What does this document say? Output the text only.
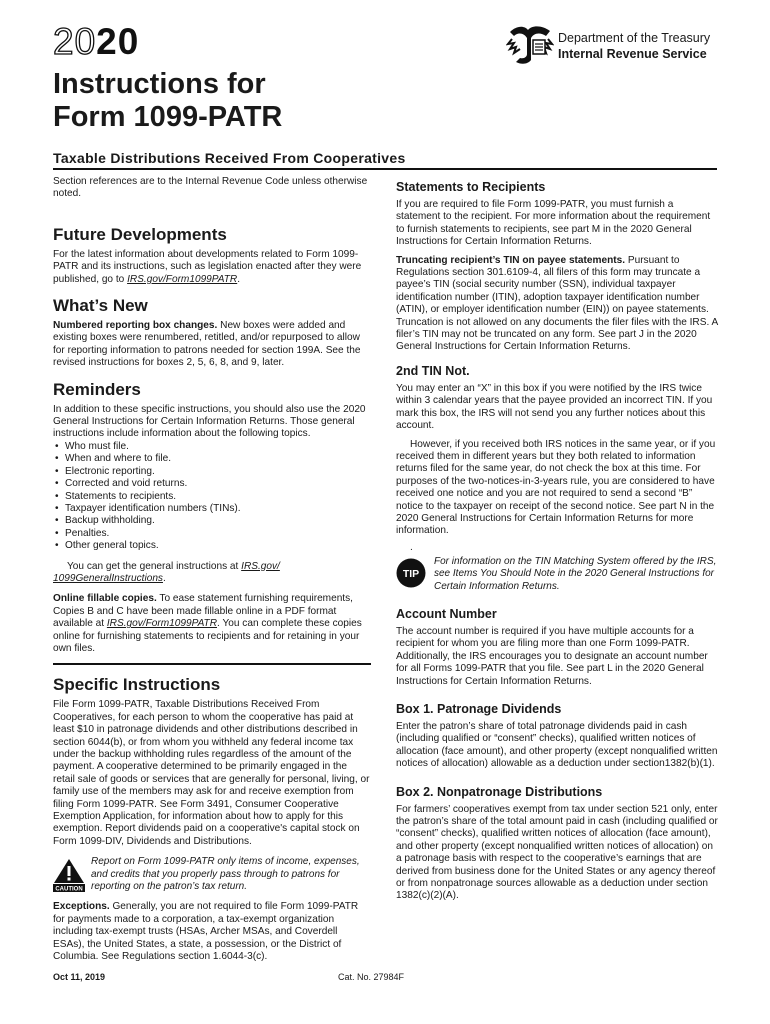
2020	Department of the Treasury
Internal Revenue Service
Instructions for
Form 1099-PATR
Taxable Distributions Received From Cooperatives

Section references are to the Internal Revenue Code unless otherwise noted.

Future Developments

For the latest information about developments related to Form 1099-PATR and its instructions, such as legislation enacted after they were published, go to IRS.gov/Form1099PATR.

What’s New

Numbered reporting box changes. New boxes were added and existing boxes were renumbered, retitled, and/or repurposed to allow for reporting information to patrons needed for section 199A. See the revised instructions for boxes 2, 5, 6, 8, and 9, later.

Reminders

In addition to these specific instructions, you should also use the 2020 General Instructions for Certain Information Returns. Those general instructions include information about the following topics.

• Who must file.
• When and where to file.
• Electronic reporting.
• Corrected and void returns.
• Statements to recipients.
• Taxpayer identification numbers (TINs).
• Backup withholding.
• Penalties.
• Other general topics.

You can get the general instructions at IRS.gov/ 1099GeneralInstructions.

Online fillable copies. To ease statement furnishing requirements, Copies B and C have been made fillable online in a PDF format available at IRS.gov/Form1099PATR. You can complete these copies online for furnishing statements to recipients and for retaining in your own files.

Specific Instructions

File Form 1099-PATR, Taxable Distributions Received From Cooperatives, for each person to whom the cooperative has paid at least $10 in patronage dividends and other distributions described in section 6044(b), or from whom you withheld any federal income tax under the backup withholding rules regardless of the amount of the payment. A cooperative determined to be primarily engaged in the retail sale of goods or services that are generally for personal, living, or family use of the members may ask for and receive exemption from filing Form 1099-PATR. See Form 3491, Consumer Cooperative Exemption Application, for information about how to apply for this exemption. Report dividends paid on a cooperative's capital stock on Form 1099-DIV, Dividends and Distributions.

CAUTION
Report on Form 1099-PATR only items of income, expenses, and credits that you properly pass through to patrons for reporting on the patron’s tax return.

Exceptions. Generally, you are not required to file Form 1099-PATR for payments made to a corporation, a tax-exempt organization including tax-exempt trusts (HSAs, Archer MSAs, and Coverdell ESAs), the United States, a state, a possession, or the District of Columbia. See Regulations section 1.6044-3(c).

Statements to Recipients

If you are required to file Form 1099-PATR, you must furnish a statement to the recipient. For more information about the requirement to furnish statements to recipients, see part M in the 2020 General Instructions for Certain Information Returns.

Truncating recipient’s TIN on payee statements. Pursuant to Regulations section 301.6109-4, all filers of this form may truncate a payee’s TIN (social security number (SSN), individual taxpayer identification number (ITIN), adoption taxpayer identification number (ATIN), or employer identification number (EIN)) on payee statements. Truncation is not allowed on any documents the filer files with the IRS. A filer’s TIN may not be truncated on any form. See part J in the 2020 General Instructions for Certain Information Returns.

2nd TIN Not.

You may enter an “X” in this box if you were notified by the IRS twice within 3 calendar years that the payee provided an incorrect TIN. If you mark this box, the IRS will not send you any further notices about this account.

However, if you received both IRS notices in the same year, or if you received them in different years but they both related to information returns filed for the same year, do not check the box at this time. For purposes of the two-notices-in-3-years rule, you are considered to have received one notice and you are not required to send a second “B” notice to the taxpayer on receipt of the second notice. See part N in the 2020 General Instructions for Certain Information Returns for more information.

.

TIP
For information on the TIN Matching System offered by the IRS, see Items You Should Note in the 2020 General Instructions for Certain Information Returns.
Account Number

The account number is required if you have multiple accounts for a recipient for whom you are filing more than one Form 1099-PATR. Additionally, the IRS encourages you to designate an account number for all Forms 1099-PATR that you file. See part L in the 2020 General Instructions for Certain Information Returns.

Box 1. Patronage Dividends

Enter the patron’s share of total patronage dividends paid in cash (including qualified or “consent” checks), qualified written notices of allocation (face amount), and other property (except nonqualified written notices of allocation) allowable as a deduction under section1382(b)(1).

Box 2. Nonpatronage Distributions

For farmers’ cooperatives exempt from tax under section 521 only, enter the patron’s share of the total amount paid in cash (including qualified or “consent” checks), qualified written notices of allocation (face amount), and other property (except nonqualified written notices of allocation) on a patronage basis with respect to the cooperative’s earnings that are derived from business done for the United States or any agency thereof or from nonpatronage sources allowable as a deduction under section 1382(c)(2)(A).

Oct 11, 2019	Cat. No. 27984F
